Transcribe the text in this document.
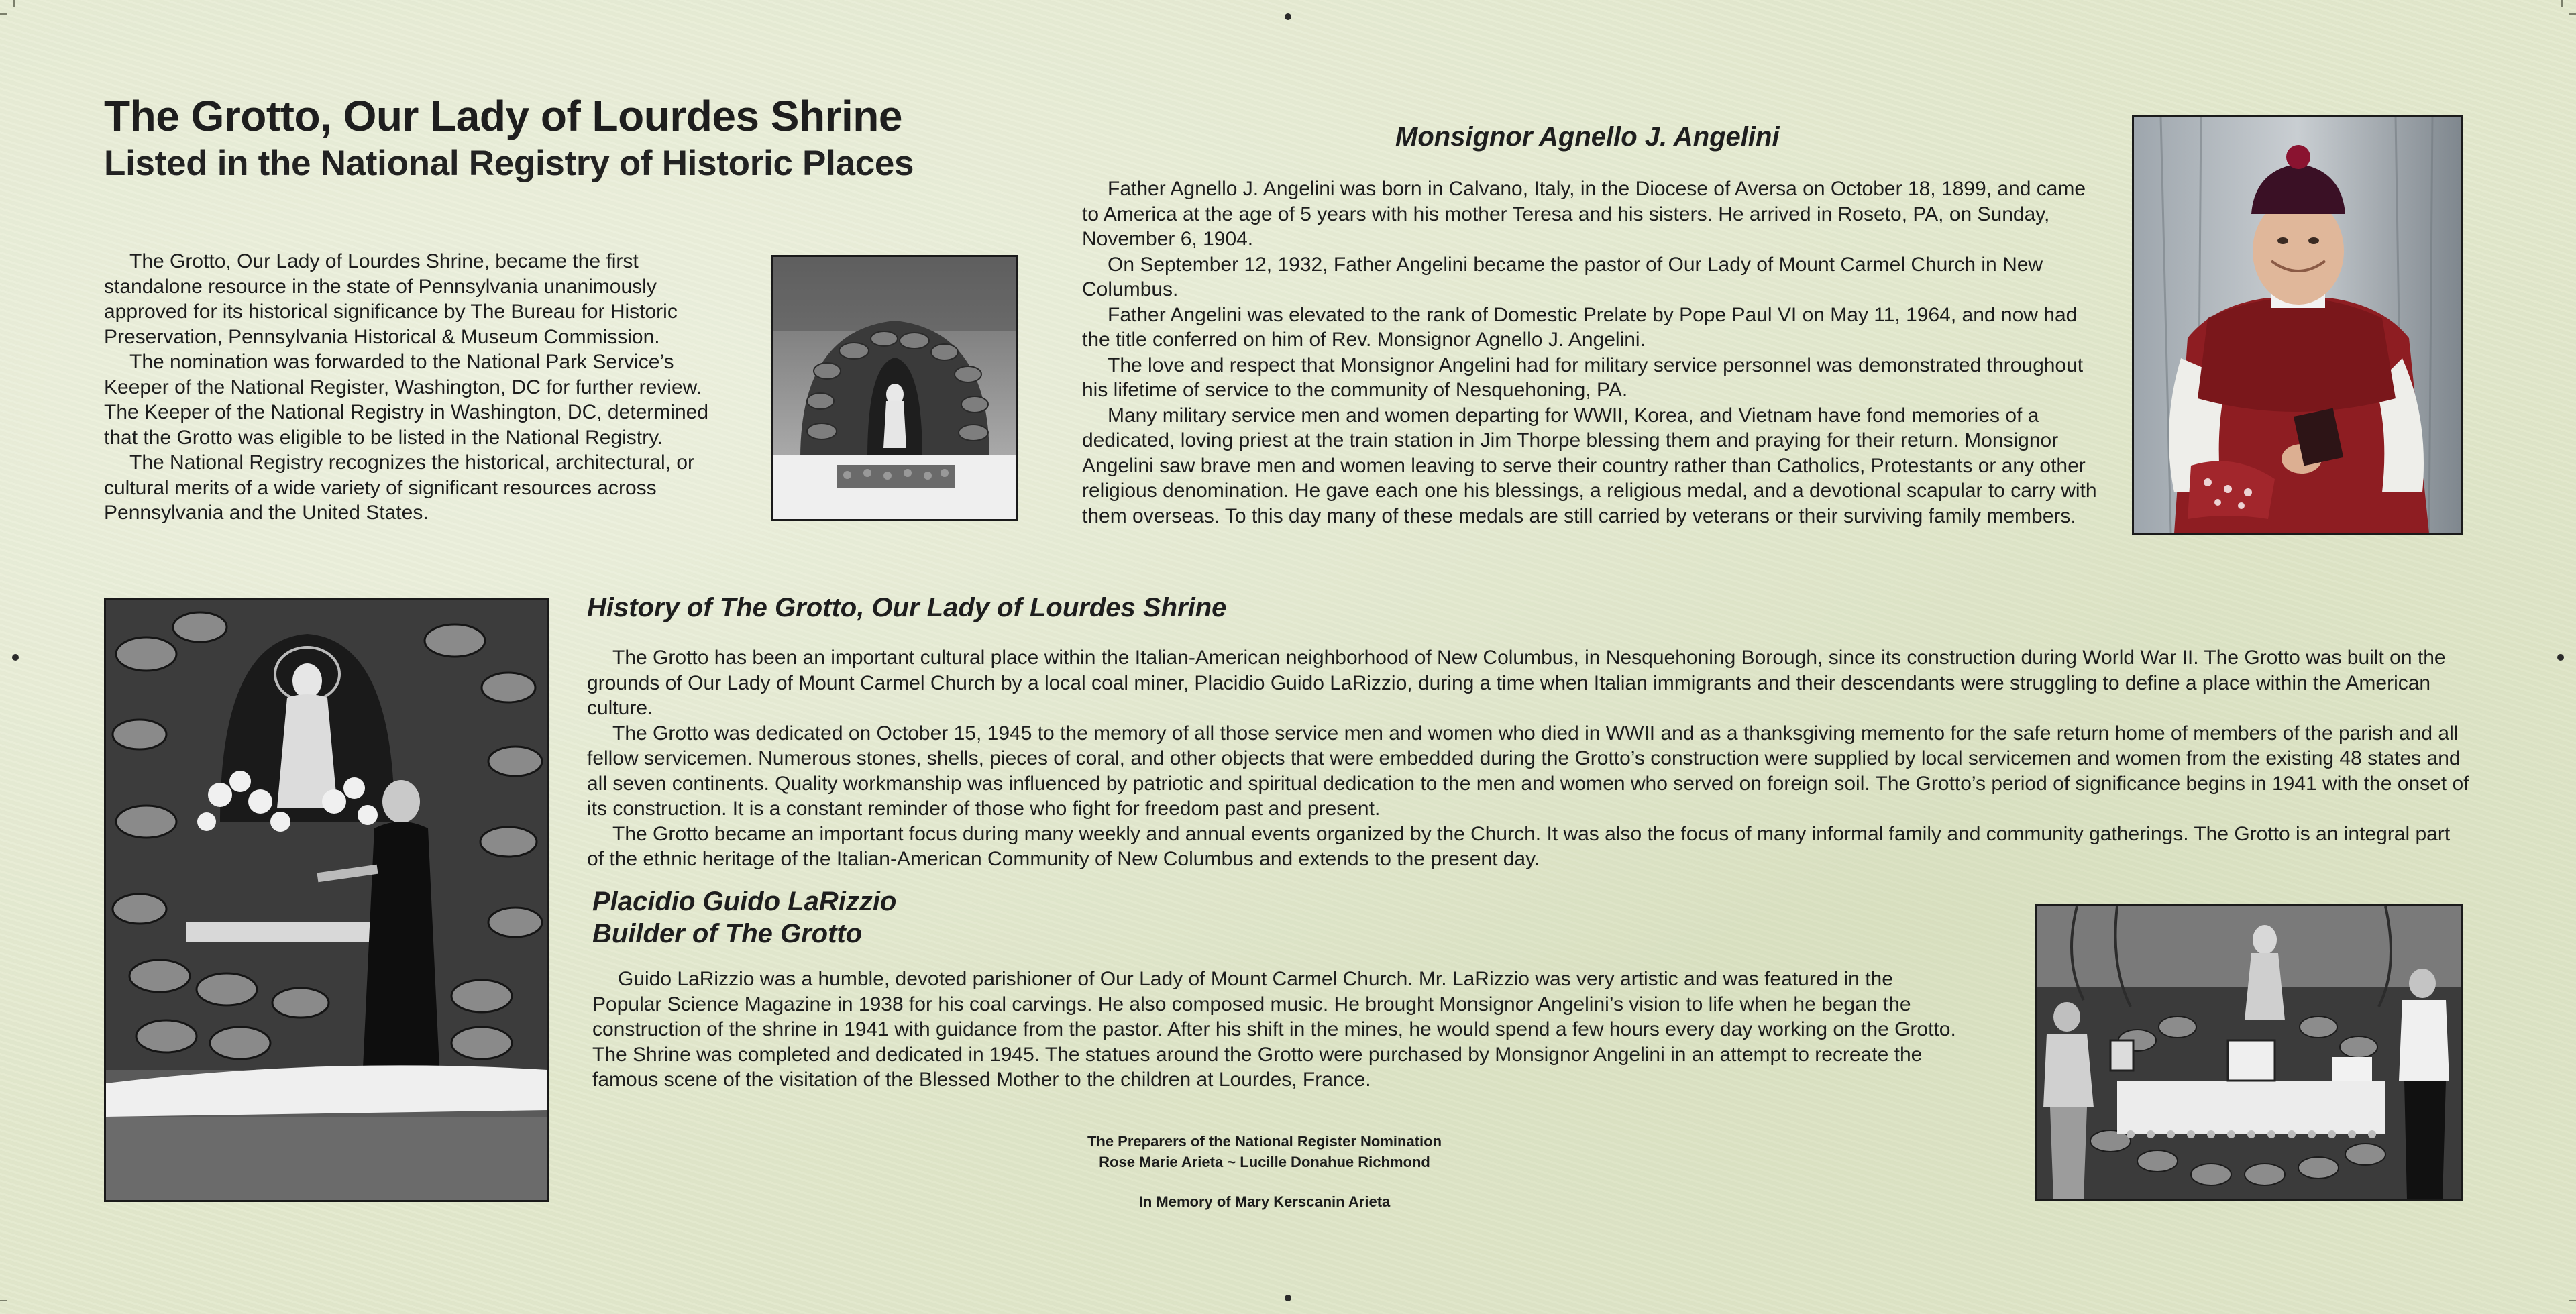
The Grotto, Our Lady of Lourdes Shrine
Listed in the National Registry of Historic Places

The Grotto, Our Lady of Lourdes Shrine, became the first standalone resource in the state of Pennsylvania unanimously approved for its historical significance by The Bureau for Historic Preservation, Pennsylvania Historical & Museum Commission.

The nomination was forwarded to the National Park Service’s Keeper of the National Register, Washington, DC for further review. The Keeper of the National Registry in Washington, DC, determined that the Grotto was eligible to be listed in the National Registry.

The National Registry recognizes the historical, architectural, or cultural merits of a wide variety of significant resources across Pennsylvania and the United States.

Monsignor Agnello J. Angelini

Father Agnello J. Angelini was born in Calvano, Italy, in the Diocese of Aversa on October 18, 1899, and came to America at the age of 5 years with his mother Teresa and his sisters. He arrived in Roseto, PA, on Sunday, November 6, 1904.

On September 12, 1932, Father Angelini became the pastor of Our Lady of Mount Carmel Church in New Columbus.

Father Angelini was elevated to the rank of Domestic Prelate by Pope Paul VI on May 11, 1964, and now had the title conferred on him of Rev. Monsignor Agnello J. Angelini.

The love and respect that Monsignor Angelini had for military service personnel was demonstrated throughout his lifetime of service to the community of Nesquehoning, PA.

Many military service men and women departing for WWII, Korea, and Vietnam have fond memories of a dedicated, loving priest at the train station in Jim Thorpe blessing them and praying for their return. Monsignor Angelini saw brave men and women leaving to serve their country rather than Catholics, Protestants or any other religious denomination. He gave each one his blessings, a religious medal, and a devotional scapular to carry with them overseas. To this day many of these medals are still carried by veterans or their surviving family members.

History of The Grotto, Our Lady of Lourdes Shrine

The Grotto has been an important cultural place within the Italian-American neighborhood of New Columbus, in Nesquehoning Borough, since its construction during World War II. The Grotto was built on the grounds of Our Lady of Mount Carmel Church by a local coal miner, Placidio Guido LaRizzio, during a time when Italian immigrants and their descendants were struggling to define a place within the American culture.

The Grotto was dedicated on October 15, 1945 to the memory of all those service men and women who died in WWII and as a thanksgiving memento for the safe return home of members of the parish and all fellow servicemen. Numerous stones, shells, pieces of coral, and other objects that were embedded during the Grotto’s construction were supplied by local servicemen and women from the existing 48 states and all seven continents. Quality workmanship was influenced by patriotic and spiritual dedication to the men and women who served on foreign soil. The Grotto’s period of significance begins in 1941 with the onset of its construction. It is a constant reminder of those who fight for freedom past and present.

The Grotto became an important focus during many weekly and annual events organized by the Church. It was also the focus of many informal family and community gatherings. The Grotto is an integral part of the ethnic heritage of the Italian-American Community of New Columbus and extends to the present day.

Placidio Guido LaRizzio
Builder of The Grotto

Guido LaRizzio was a humble, devoted parishioner of Our Lady of Mount Carmel Church. Mr. LaRizzio was very artistic and was featured in the Popular Science Magazine in 1938 for his coal carvings. He also composed music. He brought Monsignor Angelini’s vision to life when he began the construction of the shrine in 1941 with guidance from the pastor. After his shift in the mines, he would spend a few hours every day working on the Grotto. The Shrine was completed and dedicated in 1945. The statues around the Grotto were purchased by Monsignor Angelini in an attempt to recreate the famous scene of the visitation of the Blessed Mother to the children at Lourdes, France.

The Preparers of the National Register Nomination
Rose Marie Arieta ~ Lucille Donahue Richmond
In Memory of Mary Kerscanin Arieta
